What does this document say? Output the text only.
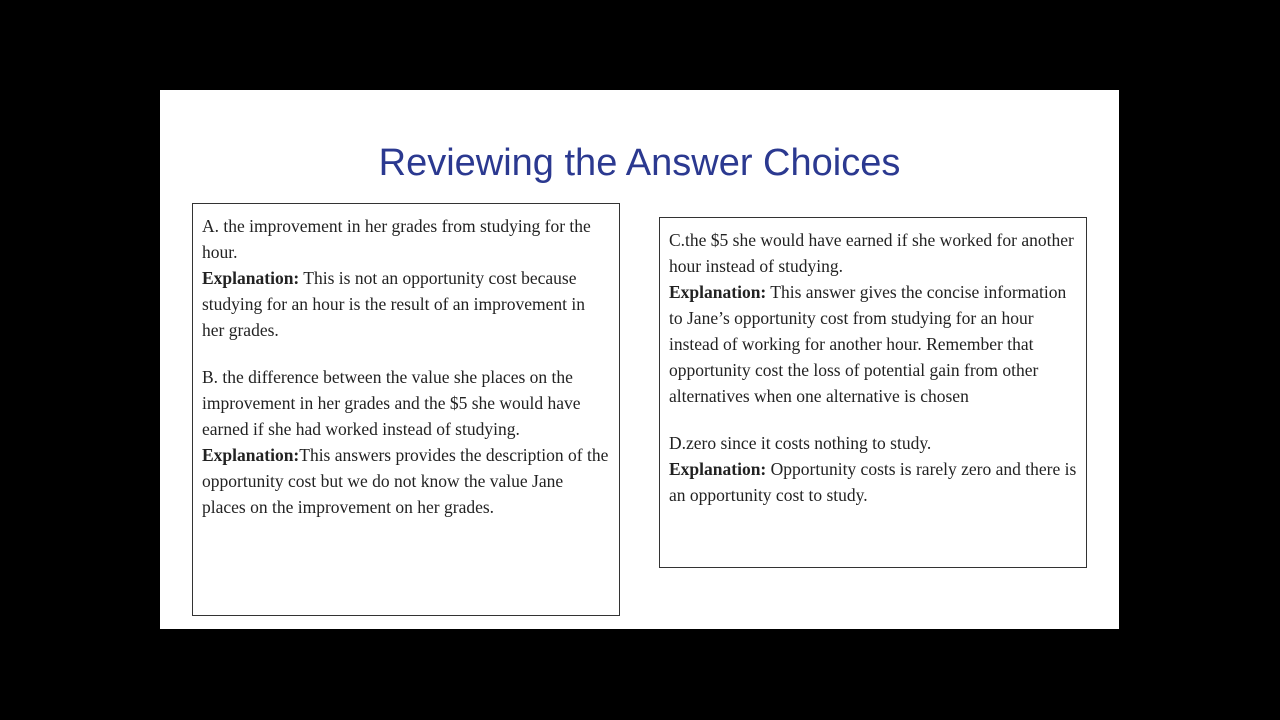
Reviewing the Answer Choices

A. the improvement in her grades from studying for the hour.

Explanation: This is not an opportunity cost because studying for an hour is the result of an improvement in her grades.

B. the difference between the value she places on the improvement in her grades and the $5 she would have earned if she had worked instead of studying.

Explanation:This answers provides the description of the opportunity cost but we do not know the value Jane places on the improvement on her grades.

C.the $5 she would have earned if she worked for another hour instead of studying.

Explanation: This answer gives the concise information to Jane’s opportunity cost from studying for an hour instead of working for another hour. Remember that opportunity cost the loss of potential gain from other alternatives when one alternative is chosen

D.zero since it costs nothing to study.

Explanation: Opportunity costs is rarely zero and there is an opportunity cost to study.
